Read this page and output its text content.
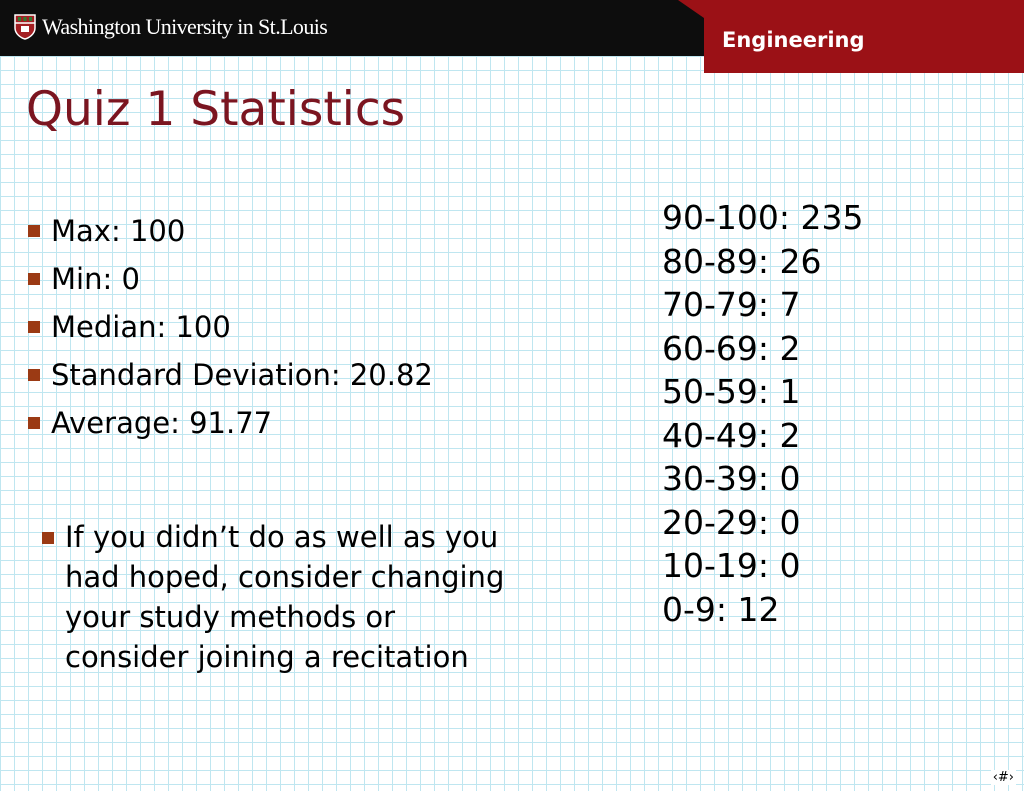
Washington University in St.Louis
Engineering
Quiz 1 Statistics
Max: 100
Min: 0
Median: 100
Standard Deviation: 20.82
Average: 91.77
If you didn’t do as well as you had hoped, consider changing your study methods or consider joining a recitation
90-100: 235
80-89: 26
70-79: 7
60-69: 2
50-59: 1
40-49: 2
30-39: 0
20-29: 0
10-19: 0
0-9: 12
‹#›
